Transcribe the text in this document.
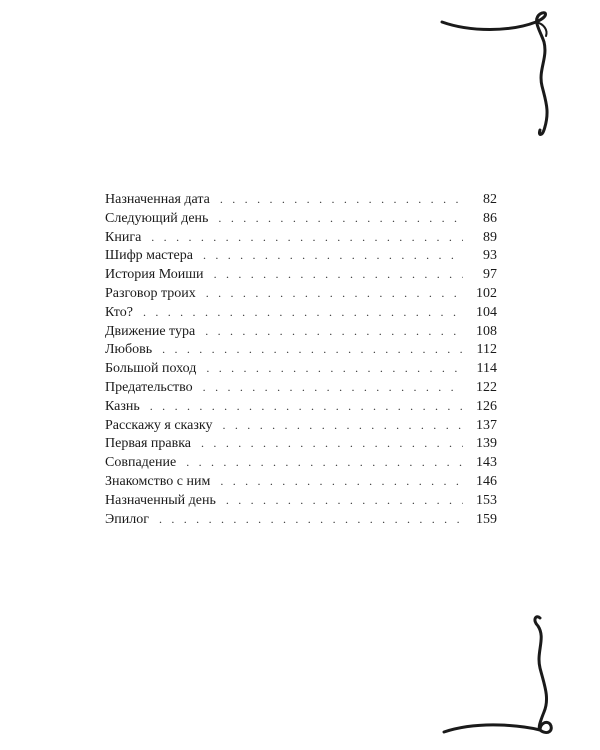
Назначенная дата . . .	82
Следующий день . . .	86
Книга . . .	89
Шифр мастера . . .	93
История Моиши . . .	97
Разговор троих . . .	102
Кто? . . .	104
Движение тура . . .	108
Любовь . . .	112
Большой поход . . .	114
Предательство . . .	122
Казнь . . .	126
Расскажу я сказку . . .	137
Первая правка . . .	139
Совпадение . . .	143
Знакомство с ним . . .	146
Назначенный день . . .	153
Эпилог . . .	159
